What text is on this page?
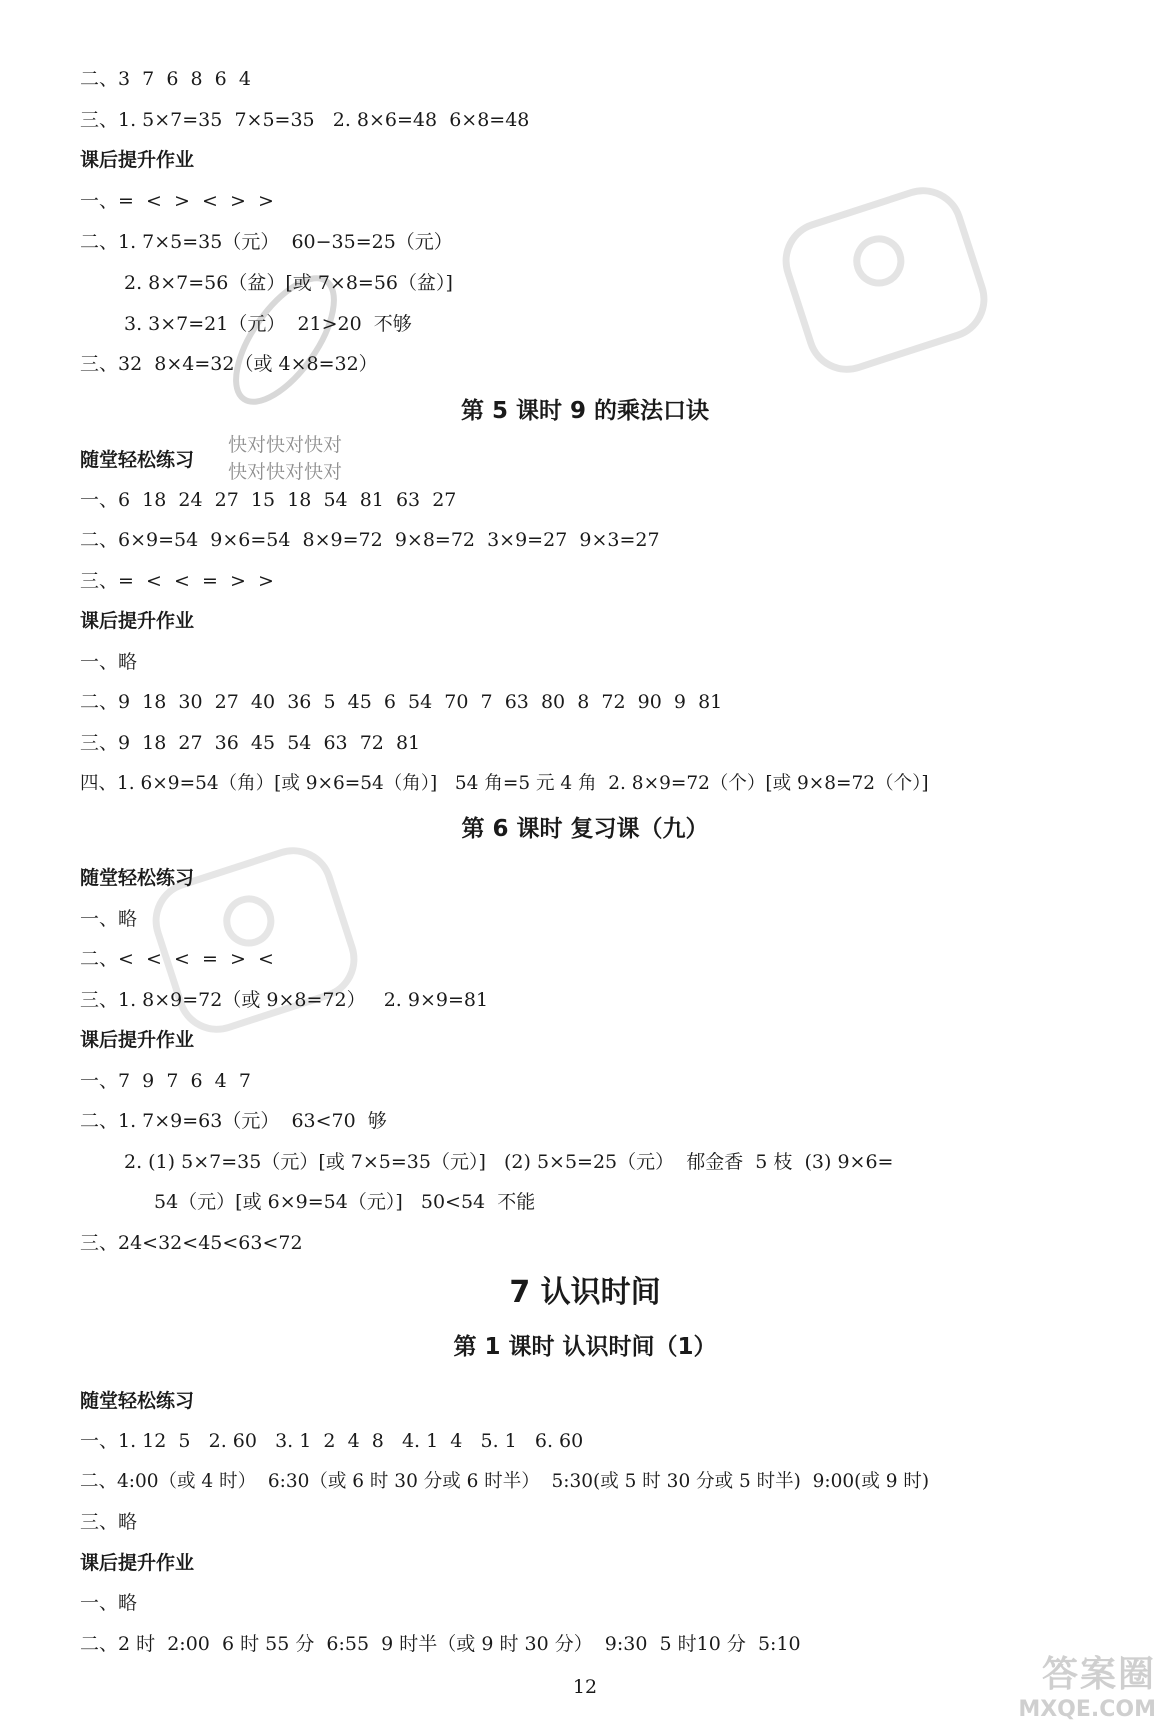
二、3  7  6  8  6  4
三、1. 5×7=35  7×5=35   2. 8×6=48  6×8=48
课后提升作业
一、=  <  >  <  >  >
二、1. 7×5=35（元）  60−35=25（元）
2. 8×7=56（盆）[或 7×8=56（盆）]
3. 3×7=21（元）  21>20  不够
三、32  8×4=32（或 4×8=32）
第 5 课时 9 的乘法口诀
随堂轻松练习
快对快对快对
快对快对快对
一、6  18  24  27  15  18  54  81  63  27
二、6×9=54  9×6=54  8×9=72  9×8=72  3×9=27  9×3=27
三、=  <  <  =  >  >
课后提升作业
一、略
二、9  18  30  27  40  36  5  45  6  54  70  7  63  80  8  72  90  9  81
三、9  18  27  36  45  54  63  72  81
四、1. 6×9=54（角）[或 9×6=54（角）]   54 角=5 元 4 角  2. 8×9=72（个）[或 9×8=72（个）]
第 6 课时 复习课（九）
随堂轻松练习
一、略
二、<  <  <  =  >  <
三、1. 8×9=72（或 9×8=72）   2. 9×9=81
课后提升作业
一、7  9  7  6  4  7
二、1. 7×9=63（元）  63<70  够
2. (1) 5×7=35（元）[或 7×5=35（元）]   (2) 5×5=25（元）  郁金香  5 枝  (3) 9×6=
54（元）[或 6×9=54（元）]   50<54  不能
三、24<32<45<63<72
7 认识时间
第 1 课时 认识时间（1）
随堂轻松练习
一、1. 12  5   2. 60   3. 1  2  4  8   4. 1  4   5. 1   6. 60
二、4:00（或 4 时）  6:30（或 6 时 30 分或 6 时半）  5:30(或 5 时 30 分或 5 时半)  9:00(或 9 时)
三、略
课后提升作业
一、略
二、2 时  2:00  6 时 55 分  6:55  9 时半（或 9 时 30 分）  9:30  5 时10 分  5:10
12	答案圈
MXQE.COM
